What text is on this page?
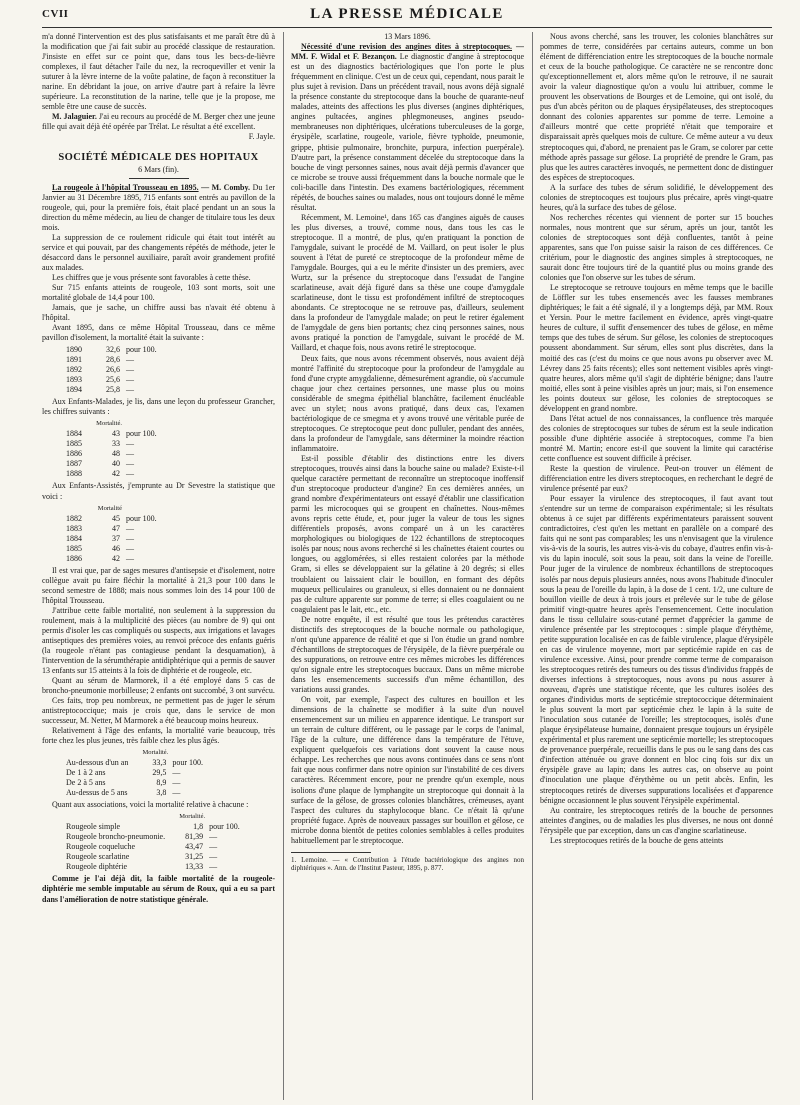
CVII	LA PRESSE MÉDICALE

m'a donné l'intervention est des plus satisfaisants et me paraît être dû à la modification que j'ai fait subir au procédé classique de restauration. J'insiste en effet sur ce point que, dans tous les becs-de-lièvre complexes, il faut détacher l'aile du nez, la recroqueviller et venir la suturer à la lèvre interne de la voûte palatine, de façon à reconstituer la narine. En débridant la joue, on arrive d'autre part à refaire la lèvre supérieure. La reconstitution de la narine, telle que je la propose, me semble être une cause de succès.

M. Jalaguier. J'ai eu recours au procédé de M. Berger chez une jeune fille qui avait déjà été opérée par Trélat. Le résultat a été excellent.

F. Jayle.

SOCIÉTÉ MÉDICALE DES HOPITAUX
6 Mars (fin).

La rougeole à l'hôpital Trousseau en 1895. — M. Comby. Du 1er Janvier au 31 Décembre 1895, 715 enfants sont entrés au pavillon de la rougeole, qui, pour la première fois, était placé pendant un an sous la direction du même médecin, au lieu de changer de titulaire tous les deux mois.

La suppression de ce roulement ridicule qui était tout intérêt au service et qui pouvait, par des changements répétés de méthode, jeter le désaccord dans le personnel auxiliaire, paraît avoir grandement profité aux malades.

Les chiffres que je vous présente sont favorables à cette thèse.

Sur 715 enfants atteints de rougeole, 103 sont morts, soit une mortalité globale de 14,4 pour 100.

Jamais, que je sache, un chiffre aussi bas n'avait été obtenu à l'hôpital.

Avant 1895, dans ce même Hôpital Trousseau, dans ce même pavillon d'isolement, la mortalité était la suivante :

1890	32,6	pour 100.
1891	28,6	—
1892	26,6	—
1893	25,6	—
1894	25,8	—

Aux Enfants-Malades, je lis, dans une leçon du professeur Grancher, les chiffres suivants :

	Mortalité.	
1884	43	pour 100.
1885	33	—
1886	48	—
1887	40	—
1888	42	—

Aux Enfants-Assistés, j'emprunte au Dr Sevestre la statistique que voici :

	Mortalité	
1882	45	pour 100.
1883	47	—
1884	37	—
1885	46	—
1886	42	—

Il est vrai que, par de sages mesures d'antisepsie et d'isolement, notre collègue avait pu faire fléchir la mortalité à 21,3 pour 100 dans le second semestre de 1888; mais nous sommes loin des 14 pour 100 de l'hôpital Trousseau.

J'attribue cette faible mortalité, non seulement à la suppression du roulement, mais à la multiplicité des pièces (au nombre de 9) qui ont permis d'isoler les cas compliqués ou suspects, aux irrigations et lavages antiseptiques des premières voies, au renvoi précoce des enfants guéris (la rougeole n'étant pas contagieuse pendant la desquamation), à l'intervention de la sérumthérapie antidiphtérique qui a permis de sauver 13 enfants sur 15 atteints à la fois de diphtérie et de rougeole, etc.

Quant au sérum de Marmorek, il a été employé dans 5 cas de broncho-pneumonie morbilleuse; 2 enfants ont succombé, 3 ont survécu.

Ces faits, trop peu nombreux, ne permettent pas de juger le sérum antistreptococcique; mais je crois que, dans le service de mon successeur, M. Netter, M Marmorek a été beaucoup moins heureux.

Relativement à l'âge des enfants, la mortalité varie beaucoup, très forte chez les plus jeunes, très faible chez les plus âgés.

	Mortalité.	
Au-dessous d'un an	33,3	pour 100.
De 1 à 2 ans	29,5	—
De 2 à 5 ans	8,9	—
Au-dessus de 5 ans	3,8	—

Quant aux associations, voici la mortalité relative à chacune :

	Mortalité.	
Rougeole simple	1,8	pour 100.
Rougeole broncho-pneumonie.	81,39	—
Rougeole coqueluche	43,47	—
Rougeole scarlatine	31,25	—
Rougeole diphtérie	13,33	—

Comme je l'ai déjà dit, la faible mortalité de la rougeole-diphtérie me semble imputable au sérum de Roux, qui a eu sa part dans l'amélioration de notre statistique générale.

13 Mars 1896.

Nécessité d'une revision des angines dites à streptocoques. — MM. F. Widal et F. Bezançon. Le diagnostic d'angine à streptocoque est un des diagnostics bactériologiques que l'on porte le plus fréquemment en clinique. C'est un de ceux qui, cependant, nous parait le plus sujet à revision. Dans un précédent travail, nous avons déjà signalé la présence constante du streptocoque dans la bouche de quarante-neuf malades, atteints des affections les plus diverses (angines diphtériques, angines pultacées, angines phlegmoneuses, angines pseudo-membraneuses non diphtériques, ulcérations tuberculeuses de la gorge, érysipèle, scarlatine, rougeole, variole, fièvre typhoïde, pneumonie, grippe, phtisie pulmonaire, bronchite, purpura, infection puerpérale). D'autre part, la présence constamment décelée du streptocoque dans la bouche de vingt personnes saines, nous avait déjà permis d'avancer que ce microbe se trouve aussi fréquemment dans la bouche normale que le coli-bacille dans l'intestin. Des examens bactériologiques, récemment répétés, de bouches saines ou malades, nous ont toujours donné le même résultat.

Récemment, M. Lemoine¹, dans 165 cas d'angines aiguës de causes les plus diverses, a trouvé, comme nous, dans tous les cas le streptocoque. Il a montré, de plus, qu'en pratiquant la ponction de l'amygdale, suivant le procédé de M. Vaillard, on peut isoler le plus souvent à l'état de pureté ce streptocoque de la profondeur même de l'amygdale. Bourges, qui a eu le mérite d'insister un des premiers, avec Wurtz, sur la présence du streptocoque dans l'exsudat de l'angine scarlatineuse, avait déjà figuré dans sa thèse une coupe d'amygdale scarlatineuse, dont le tissu est profondément infiltré de streptocoques abondants. Ce streptocoque ne se retrouve pas, d'ailleurs, seulement dans la profondeur de l'amygdale malade; on peut le retirer également de l'amygdale de gens bien portants; chez cinq personnes saines, nous avons pratiqué la ponction de l'amygdale, suivant le procédé de M. Vaillard, et chaque fois, nous avons retiré le streptocoque.

Deux faits, que nous avons récemment observés, nous avaient déjà montré l'affinité du streptocoque pour la profondeur de l'amygdale au fond d'une crypte amygdalienne, démesurément agrandie, où s'accumule chaque jour chez certaines personnes, une masse plus ou moins considérable de smegma épithélial blanchâtre, facilement énucléable avec un stylet; nous avons pratiqué, dans deux cas, l'examen bactériologique de ce smegma et y avons trouvé une véritable purée de streptocoques. Ce streptocoque peut donc pulluler, pendant des années, dans la profondeur de l'amygdale, sans déterminer la moindre réaction inflammatoire.

Est-il possible d'établir des distinctions entre les divers streptocoques, trouvés ainsi dans la bouche saine ou malade? Existe-t-il quelque caractère permettant de reconnaître un streptocoque inoffensif d'un streptocoque producteur d'angine? En ces dernières années, un grand nombre d'expérimentateurs ont essayé d'établir une classification parmi les microcoques qui se groupent en chaînettes. Nous-mêmes avons repris cette étude, et, pour juger la valeur de tous les signes différentiels proposés, avons comparé un à un les caractères morphologiques ou biologiques de 122 échantillons de streptocoques isolés par nous; nous avons recherché si les chaînettes étaient courtes ou longues, ou agglomérées, si elles restaient colorées par la méthode Gram, si elles se développaient sur la gélatine à 20 degrés; si elles troublaient ou laissaient clair le bouillon, en formant des dépôts muqueux pelliculaires ou granuleux, si elles donnaient ou ne donnaient pas de culture apparente sur pomme de terre; si elles coagulaient ou ne coagulaient pas le lait, etc., etc.

De notre enquête, il est résulté que tous les prétendus caractères distinctifs des streptocoques de la bouche normale ou pathologique, n'ont qu'une apparence de réalité et que si l'on étudie un grand nombre d'échantillons de streptocoques de l'érysipèle, de la fièvre puerpérale ou des suppurations, on retrouve entre ces mêmes microbes les différences qu'on signale entre les streptocoques buccaux. Dans un même microbe dans les ensemencements successifs d'un même échantillon, des variations aussi grandes.

On voit, par exemple, l'aspect des cultures en bouillon et les dimensions de la chaînette se modifier à la suite d'un nouvel ensemencement sur un milieu en apparence identique. Le transport sur un terrain de culture différent, ou le passage par le corps de l'animal, l'âge de la culture, une différence dans la température de l'étuve, expliquent quelquefois ces variations dont souvent la cause nous échappe. Les recherches que nous avons continuées dans ce sens n'ont fait que nous confirmer dans notre opinion sur l'instabilité de ces divers caractères. Récemment encore, pour ne prendre qu'un exemple, nous isolions d'une plaque de lymphangite un streptocoque qui donnait à la surface de la gélose, de grosses colonies blanchâtres, crémeuses, ayant l'aspect des cultures du staphylocoque blanc. Ce n'était là qu'une propriété fugace. Après de nouveaux passages sur bouillon et gélose, ce microbe donna bientôt de petites colonies semblables à celles produites habituellement par le streptocoque.

1. Lemoine. — « Contribution à l'étude bactériologique des angines non diphtériques ». Ann. de l'Institut Pasteur, 1895, p. 877.

Nous avons cherché, sans les trouver, les colonies blanchâtres sur pommes de terre, considérées par certains auteurs, comme un bon élément de différenciation entre les streptocoques de la bouche normale et ceux de la bouche pathologique. Ce caractère ne se rencontre donc qu'exceptionnellement et, alors même qu'on le retrouve, il ne saurait avoir la valeur diagnostique qu'on a voulu lui attribuer, comme le prouvent les observations de Bourges et de Lemoine, qui ont isolé, du pus d'un abcès périton ou de plaques érysipélateuses, des streptocoques donnant des colonies apparentes sur pomme de terre. Lemoine a d'ailleurs montré que cette propriété n'était que temporaire et disparaissait après quelques mois de culture. Ce même auteur a vu deux streptocoques qui, d'abord, ne prenaient pas le Gram, se colorer par cette méthode après passage sur gélose. La propriété de prendre le Gram, pas plus que les autres caractères invoqués, ne permettent donc de distinguer des espèces de streptocoques.

A la surface des tubes de sérum solidifié, le développement des colonies de streptocoques est toujours plus précaire, après vingt-quatre heures, qu'à la surface des tubes de gélose.

Nos recherches récentes qui viennent de porter sur 15 bouches normales, nous montrent que sur sérum, après un jour, tantôt les colonies de streptocoques sont déjà confluentes, tantôt à peine apparentes, sans que l'on puisse saisir la raison de ces différences. Ce critérium, pour le diagnostic des angines simples à streptocoques, ne saurait donc être toujours tiré de la quantité plus ou moins grande des colonies que l'on observe sur les tubes de sérum.

Le streptocoque se retrouve toujours en même temps que le bacille de Löffler sur les tubes ensemencés avec les fausses membranes diphtériques; le fait a été signalé, il y a longtemps déjà, par MM. Roux et Yersin. Pour le mettre facilement en évidence, après vingt-quatre heures de culture, il suffit d'ensemencer des tubes de gélose, en même temps que des tubes de sérum. Sur gélose, les colonies de streptocoques poussent abondamment. Sur sérum, elles sont plus discrètes, dans la moitié des cas (c'est du moins ce que nous avons pu observer avec M. Lévrey dans 25 faits récents); elles sont nettement visibles après vingt-quatre heures, alors même qu'il s'agit de diphtérie bénigne; dans l'autre moitié, elles sont à peine visibles après un jour; mais, si l'on ensemence les points douteux sur gélose, les colonies de streptocoques se développent en grand nombre.

Dans l'état actuel de nos connaissances, la confluence très marquée des colonies de streptocoques sur tubes de sérum est la seule indication possible d'une diphtérie associée à streptocoques, comme l'a bien montré M. Martin; encore est-il que souvent la limite qui caractérise cette confluence est souvent difficile à préciser.

Reste la question de virulence. Peut-on trouver un élément de différenciation entre les divers streptocoques, en recherchant le degré de virulence présenté par eux?

Pour essayer la virulence des streptocoques, il faut avant tout s'entendre sur un terme de comparaison expérimentale; si les résultats obtenus à ce sujet par différents expérimentateurs paraissent souvent contradictoires, c'est qu'en les mettant en parallèle on a comparé des faits qui ne sont pas comparables; les uns n'envisagent que la virulence vis-à-vis de la souris, les autres vis-à-vis du cobaye, d'autres enfin vis-à-vis du lapin inoculé, soit sous la peau, soit dans la veine de l'oreille. Pour juger de la virulence de nombreux échantillons de streptocoques isolés par nous depuis plusieurs années, nous avons l'habitude d'inoculer sous la peau de l'oreille du lapin, à la dose de 1 cent. 1/2, une culture de bouillon vieille de deux à trois jours et prélevée sur le tube de gélose primitif vingt-quatre heures après l'ensemencement. Cette inoculation dans le tissu cellulaire sous-cutané permet d'apprécier la gamme de virulence présentée par les streptocoques : simple plaque d'érythème, petite suppuration localisée en cas de faible virulence, plaque d'érysipèle en cas de virulence moyenne, mort par septicémie rapide en cas de virulence excessive. Ainsi, pour prendre comme terme de comparaison les streptocoques retirés des tumeurs ou des tissus d'individus frappés de diverses infections à streptocoques, nous avons pu nous assurer à nouveau, d'après une statistique récente, que les cultures isolées des organes d'individus morts de septicémie streptococcique déterminaient le plus souvent la mort par septicémie chez le lapin à la suite de l'inoculation sous cutanée de l'oreille; les streptocoques, isolés d'une plaque érysipélateuse humaine, donnaient presque toujours un érysipèle expérimental et plus rarement une septicémie mortelle; les streptocoques de provenance puerpérale, recueillis dans le pus ou le sang dans des cas d'infection atténuée ou grave donnent en bloc cinq fois sur dix un érysipèle grave au lapin; dans les autres cas, on observe au point d'inoculation une plaque d'érythème ou un petit abcès. Enfin, les streptocoques retirés de diverses suppurations localisées et d'apparence bénigne occasionnent le plus souvent l'érysipèle expérimental.

Au contraire, les streptocoques retirés de la bouche de personnes atteintes d'angines, ou de maladies les plus diverses, ne nous ont donné l'érysipèle que par exception, dans un cas d'angine scarlatineuse.

Les streptocoques retirés de la bouche de gens atteints
